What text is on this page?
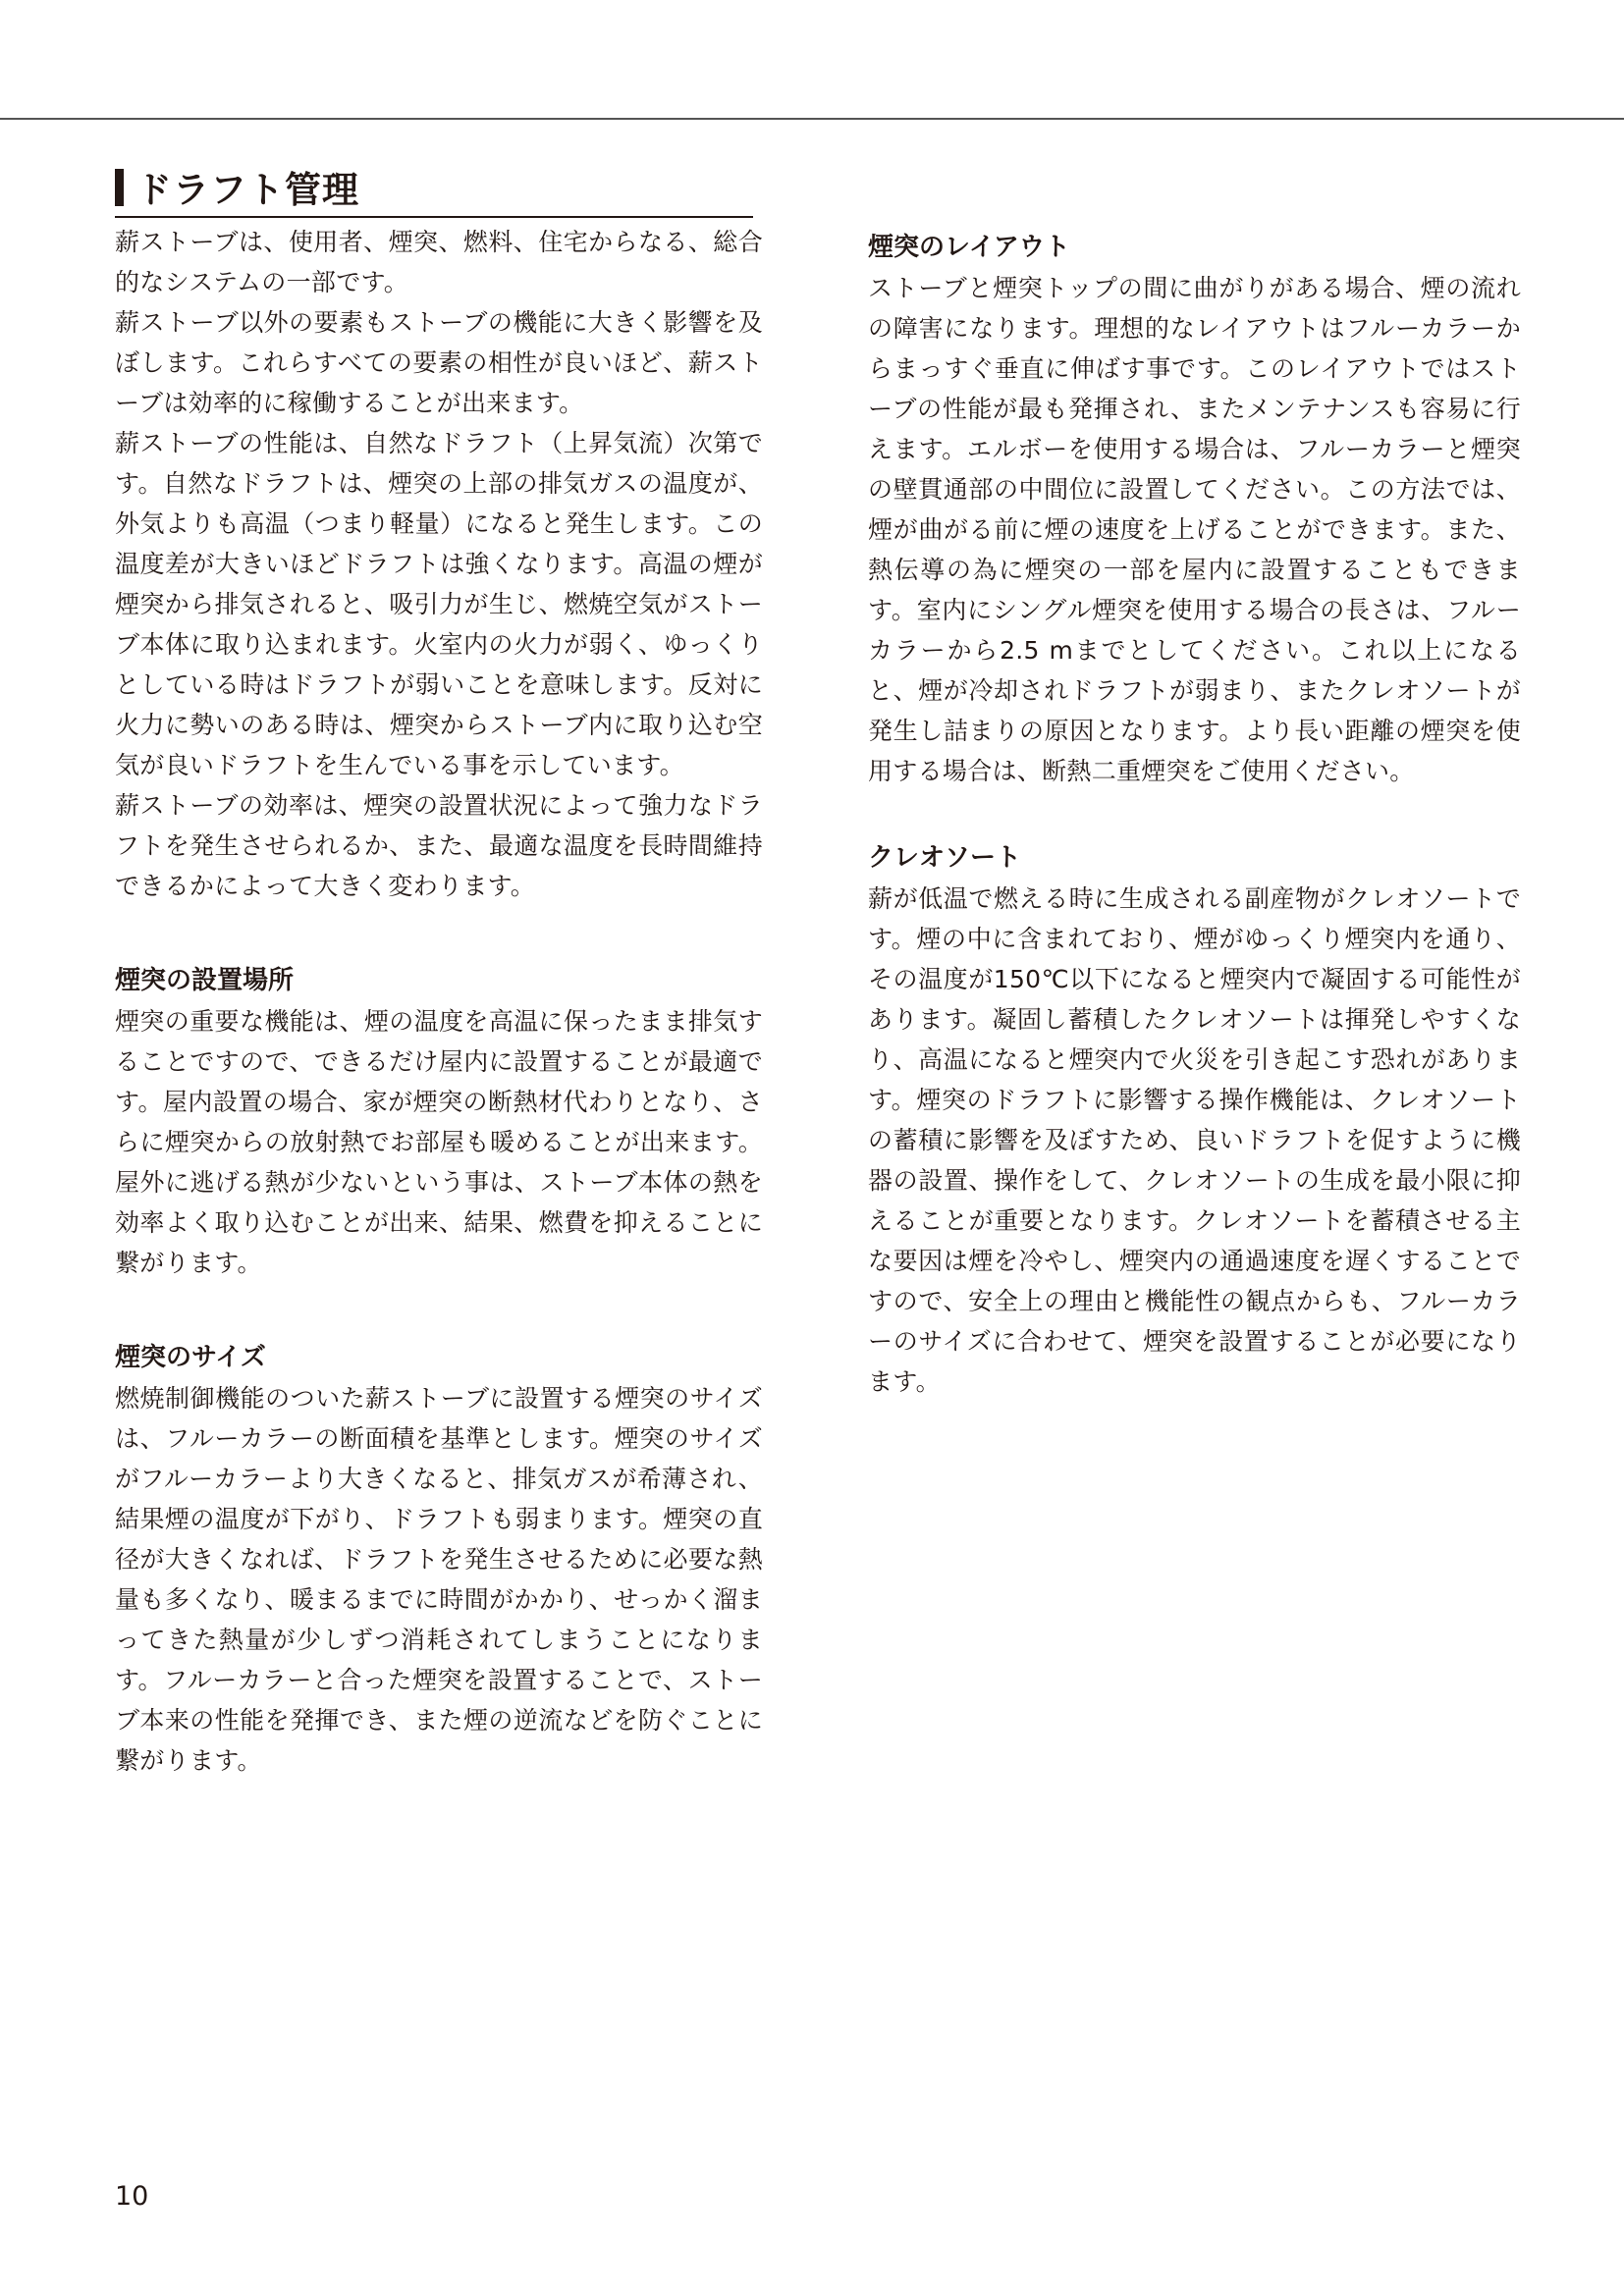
ドラフト管理

薪ストーブは、使用者、煙突、燃料、住宅からなる、総合的なシステムの一部です。

薪ストーブ以外の要素もストーブの機能に大きく影響を及ぼします。これらすべての要素の相性が良いほど、薪ストーブは効率的に稼働することが出来ます。

薪ストーブの性能は、自然なドラフト（上昇気流）次第です。自然なドラフトは、煙突の上部の排気ガスの温度が、外気よりも高温（つまり軽量）になると発生します。この温度差が大きいほどドラフトは強くなります。高温の煙が煙突から排気されると、吸引力が生じ、燃焼空気がストーブ本体に取り込まれます。火室内の火力が弱く、ゆっくりとしている時はドラフトが弱いことを意味します。反対に火力に勢いのある時は、煙突からストーブ内に取り込む空気が良いドラフトを生んでいる事を示しています。

薪ストーブの効率は、煙突の設置状況によって強力なドラフトを発生させられるか、また、最適な温度を長時間維持できるかによって大きく変わります。

煙突の設置場所

煙突の重要な機能は、煙の温度を高温に保ったまま排気することですので、できるだけ屋内に設置することが最適です。屋内設置の場合、家が煙突の断熱材代わりとなり、さらに煙突からの放射熱でお部屋も暖めることが出来ます。屋外に逃げる熱が少ないという事は、ストーブ本体の熱を効率よく取り込むことが出来、結果、燃費を抑えることに繋がります。

煙突のサイズ

燃焼制御機能のついた薪ストーブに設置する煙突のサイズは、フルーカラーの断面積を基準とします。煙突のサイズがフルーカラーより大きくなると、排気ガスが希薄され、結果煙の温度が下がり、ドラフトも弱まります。煙突の直径が大きくなれば、ドラフトを発生させるために必要な熱量も多くなり、暖まるまでに時間がかかり、せっかく溜まってきた熱量が少しずつ消耗されてしまうことになります。フルーカラーと合った煙突を設置することで、ストーブ本来の性能を発揮でき、また煙の逆流などを防ぐことに繋がります。

煙突のレイアウト

ストーブと煙突トップの間に曲がりがある場合、煙の流れの障害になります。理想的なレイアウトはフルーカラーからまっすぐ垂直に伸ばす事です。このレイアウトではストーブの性能が最も発揮され、またメンテナンスも容易に行えます。エルボーを使用する場合は、フルーカラーと煙突の壁貫通部の中間位に設置してください。この方法では、煙が曲がる前に煙の速度を上げることができます。また、熱伝導の為に煙突の一部を屋内に設置することもできます。室内にシングル煙突を使用する場合の長さは、フルーカラーから2.5 mまでとしてください。これ以上になると、煙が冷却されドラフトが弱まり、またクレオソートが発生し詰まりの原因となります。より長い距離の煙突を使用する場合は、断熱二重煙突をご使用ください。

クレオソート

薪が低温で燃える時に生成される副産物がクレオソートです。煙の中に含まれており、煙がゆっくり煙突内を通り、その温度が150℃以下になると煙突内で凝固する可能性があります。凝固し蓄積したクレオソートは揮発しやすくなり、高温になると煙突内で火災を引き起こす恐れがあります。煙突のドラフトに影響する操作機能は、クレオソートの蓄積に影響を及ぼすため、良いドラフトを促すように機器の設置、操作をして、クレオソートの生成を最小限に抑えることが重要となります。クレオソートを蓄積させる主な要因は煙を冷やし、煙突内の通過速度を遅くすることですので、安全上の理由と機能性の観点からも、フルーカラーのサイズに合わせて、煙突を設置することが必要になります。

10
